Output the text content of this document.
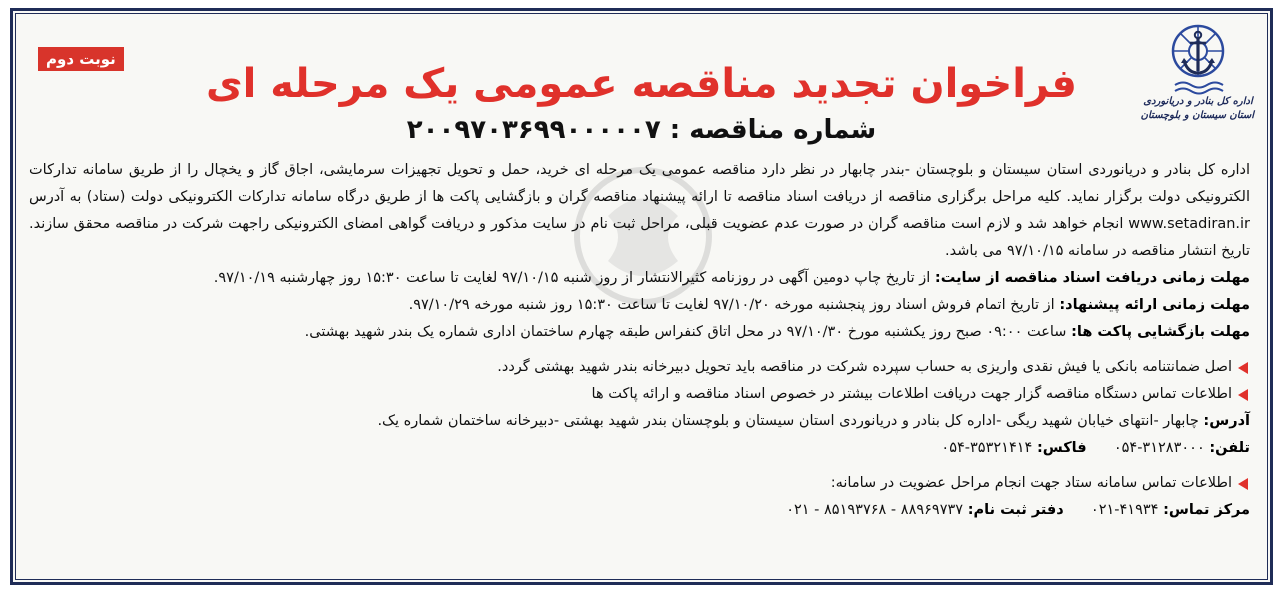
اداره کل بنادر و دریانوردی
استان سیستان و بلوچستان
نوبت دوم
فراخوان تجدید مناقصه عمومی یک مرحله ای
شماره مناقصه : ۲۰۰۹۷۰۳۶۹۹۰۰۰۰۰۷
اداره کل بنادر و دریانوردی استان سیستان و بلوچستان -بندر چابهار در نظر دارد مناقصه عمومی یک مرحله ای خرید، حمل و تحویل تجهیزات سرمایشی، اجاق گاز و یخچال را از طریق سامانه تدارکات الکترونیکی دولت برگزار نماید. کلیه مراحل برگزاری مناقصه از دریافت اسناد مناقصه تا ارائه پیشنهاد مناقصه گران و بازگشایی پاکت ها از طریق درگاه سامانه تدارکات الکترونیکی دولت (ستاد) به آدرس www.setadiran.ir انجام خواهد شد و لازم است مناقصه گران در صورت عدم عضویت قبلی، مراحل ثبت نام در سایت مذکور و دریافت گواهی امضای الکترونیکی راجهت شرکت در مناقصه محقق سازند. تاریخ انتشار مناقصه در سامانه ۹۷/۱۰/۱۵ می باشد.
مهلت زمانی دریافت اسناد مناقصه از سایت: از تاریخ چاپ دومین آگهی در روزنامه کثیرالانتشار از روز شنبه ۹۷/۱۰/۱۵ لغایت تا ساعت ۱۵:۳۰ روز چهارشنبه ۹۷/۱۰/۱۹.
مهلت زمانی ارائه پیشنهاد: از تاریخ اتمام فروش اسناد روز پنجشنبه مورخه ۹۷/۱۰/۲۰ لغایت تا ساعت ۱۵:۳۰ روز شنبه مورخه ۹۷/۱۰/۲۹.
مهلت بازگشایی پاکت ها: ساعت ۰۹:۰۰ صبح روز یکشنبه مورخ ۹۷/۱۰/۳۰ در محل اتاق کنفراس طبقه چهارم ساختمان اداری شماره یک بندر شهید بهشتی.
اصل ضمانتنامه بانکی یا فیش نقدی واریزی به حساب سپرده شرکت در مناقصه باید تحویل دبیرخانه بندر شهید بهشتی گردد.
اطلاعات تماس دستگاه مناقصه گزار جهت دریافت اطلاعات بیشتر در خصوص اسناد مناقصه و ارائه پاکت ها
آدرس: چابهار -انتهای خیابان شهید ریگی -اداره کل بنادر و دریانوردی استان سیستان و بلوچستان بندر شهید بهشتی -دبیرخانه ساختمان شماره یک.
تلفن: ۰۵۴-۳۱۲۸۳۰۰۰  فاکس: ۰۵۴-۳۵۳۲۱۴۱۴
اطلاعات تماس سامانه ستاد جهت انجام مراحل عضویت در سامانه:
مرکز تماس: ۰۲۱-۴۱۹۳۴  دفتر ثبت نام: ۸۸۹۶۹۷۳۷ - ۸۵۱۹۳۷۶۸ - ۰۲۱
